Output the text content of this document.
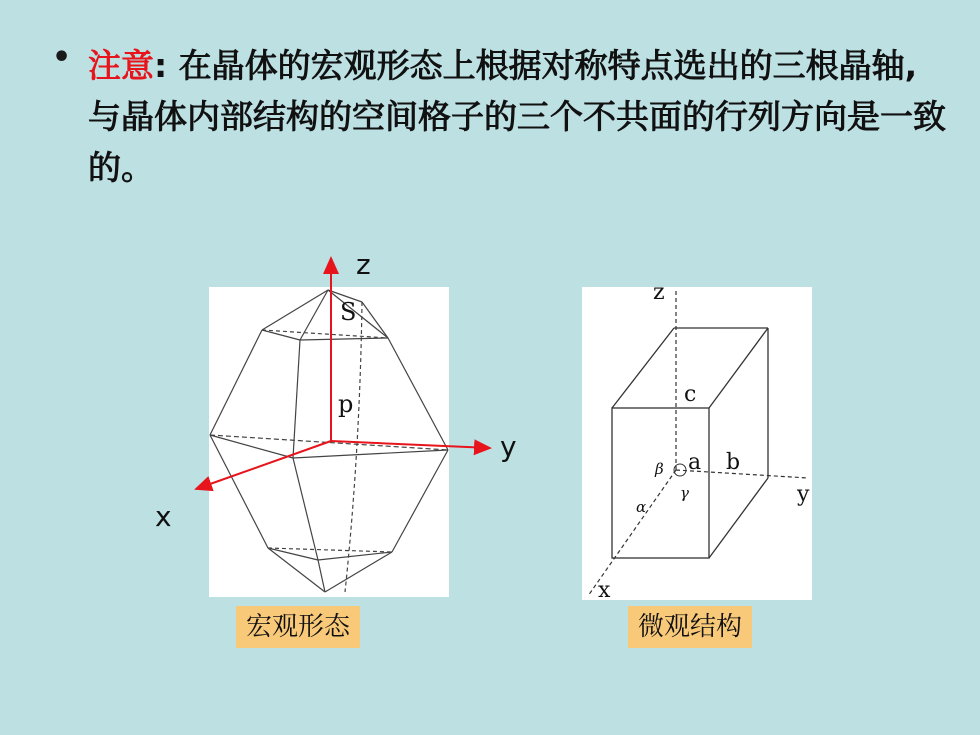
• 注意: 在晶体的宏观形态上根据对称特点选出的三根晶轴,与晶体内部结构的空间格子的三个不共面的行列方向是一致的。
z
y
x
S
p
z
y
x
c
a b
β
γ
α
宏观形态	微观结构
